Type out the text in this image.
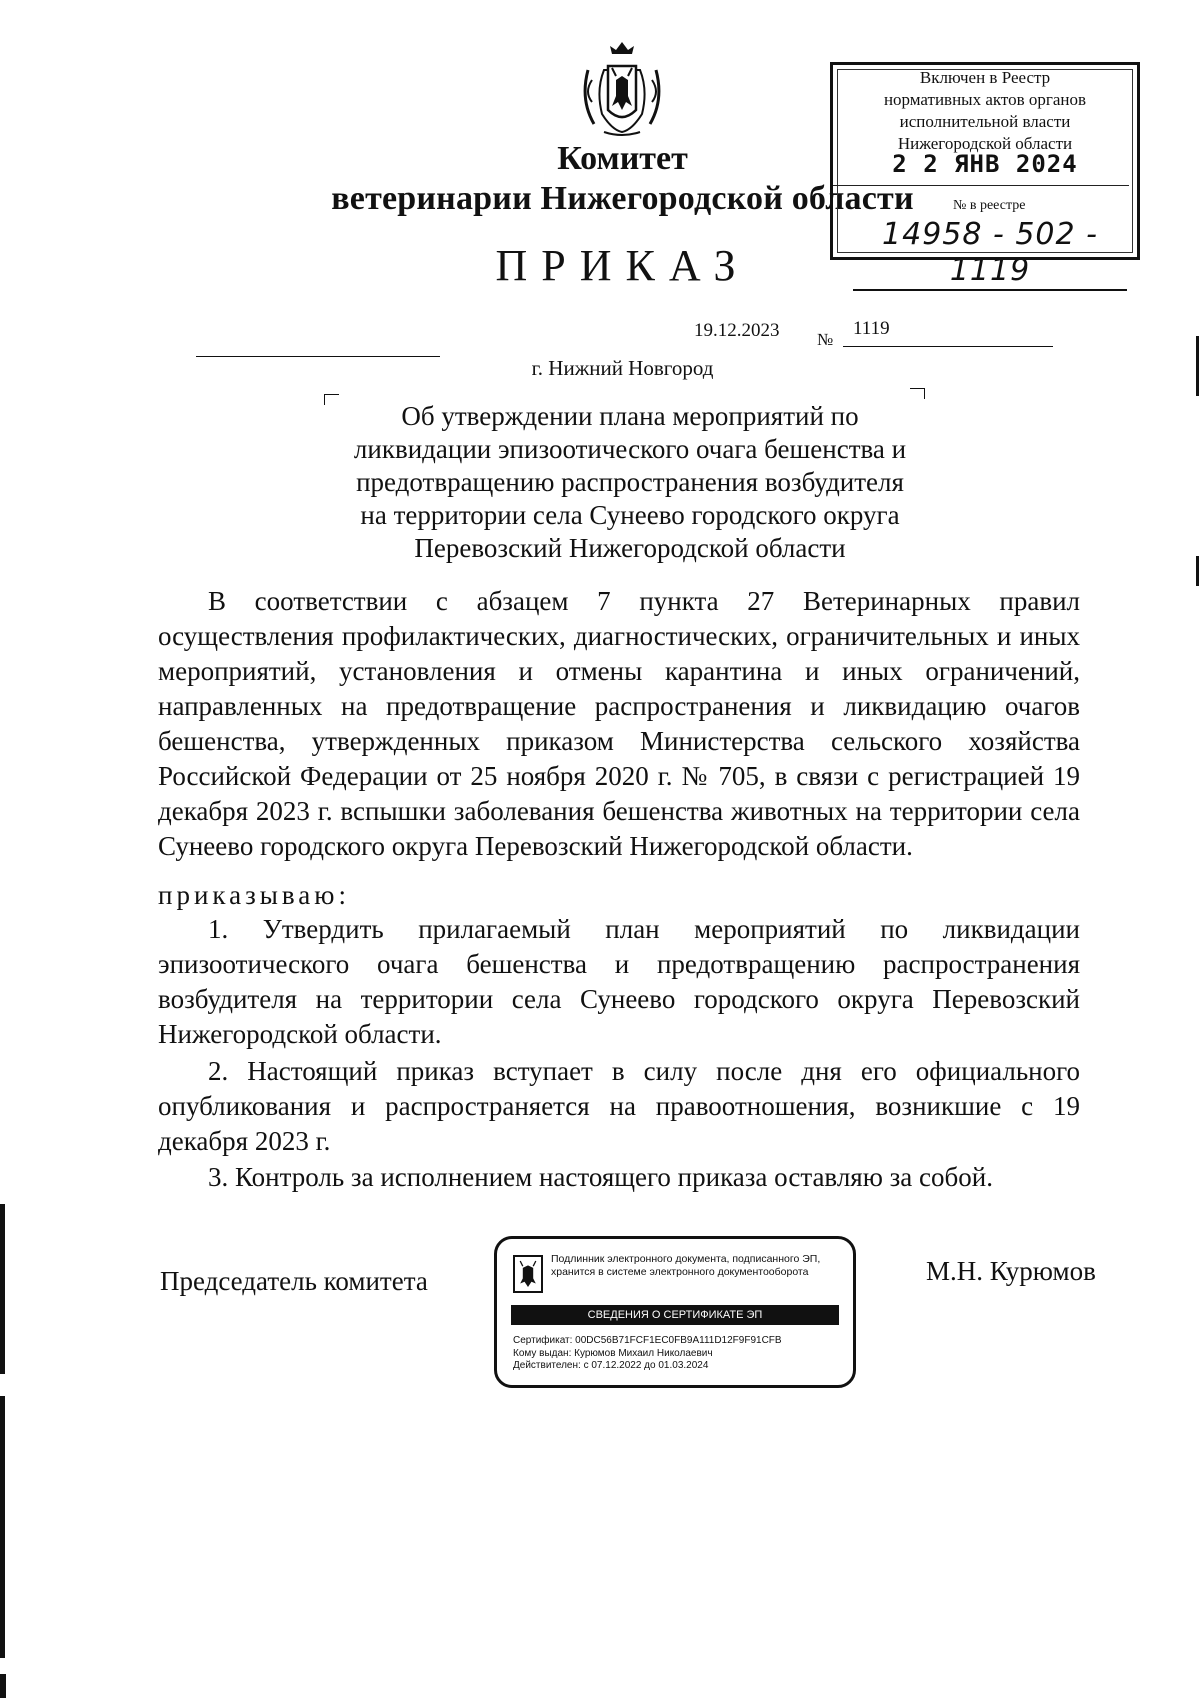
Комитет
ветеринарии Нижегородской области
ПРИКАЗ
Включен в Реестр
нормативных актов органов
исполнительной власти
Нижегородской области
2 2 ЯНВ 2024
№ в реестре
14958 - 502 - 1119
19.12.2023 №
1119
г. Нижний Новгород
Об утверждении плана мероприятий по
ликвидации эпизоотического очага бешенства и
предотвращению распространения возбудителя
на территории села Сунеево городского округа
Перевозский Нижегородской области
В соответствии с абзацем 7 пункта 27 Ветеринарных правил осуществления профилактических, диагностических, ограничительных и иных мероприятий, установления и отмены карантина и иных ограничений, направленных на предотвращение распространения и ликвидацию очагов бешенства, утвержденных приказом Министерства сельского хозяйства Российской Федерации от 25 ноября 2020 г. № 705, в связи с регистрацией 19 декабря 2023 г. вспышки заболевания бешенства животных на территории села Сунеево городского округа Перевозский Нижегородской области.
приказываю:
1. Утвердить прилагаемый план мероприятий по ликвидации эпизоотического очага бешенства и предотвращению распространения возбудителя на территории села Сунеево городского округа Перевозский Нижегородской области.
2. Настоящий приказ вступает в силу после дня его официального опубликования и распространяется на правоотношения, возникшие с 19 декабря 2023 г.
3. Контроль за исполнением настоящего приказа оставляю за собой.
Председатель комитета
Подлинник электронного документа, подписанного ЭП,
хранится в системе электронного документооборота
СВЕДЕНИЯ О СЕРТИФИКАТЕ ЭП
Сертификат: 00DC56B71FCF1EC0FB9A111D12F9F91CFB
Кому выдан: Курюмов Михаил Николаевич
Действителен: с 07.12.2022 до 01.03.2024
М.Н. Курюмов
